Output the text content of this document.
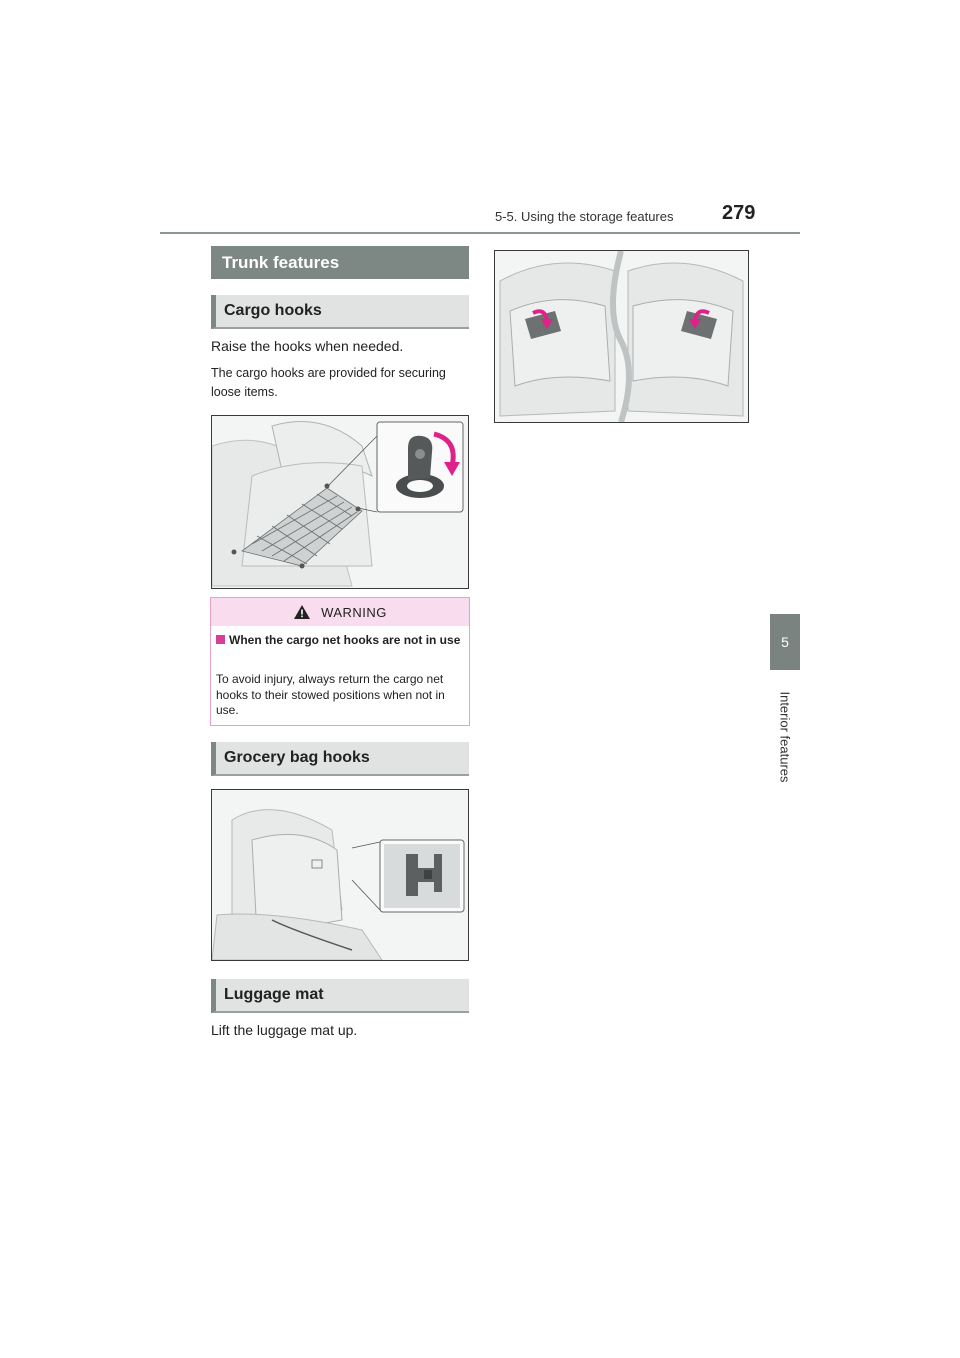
5-5. Using the storage features 279
5
Interior features
Trunk features
Cargo hooks
Raise the hooks when needed.
The cargo hooks are provided for securing loose items.
WARNING
When the cargo net hooks are not in use
To avoid injury, always return the cargo net hooks to their stowed positions when not in use.
Grocery bag hooks
Luggage mat
Lift the luggage mat up.
